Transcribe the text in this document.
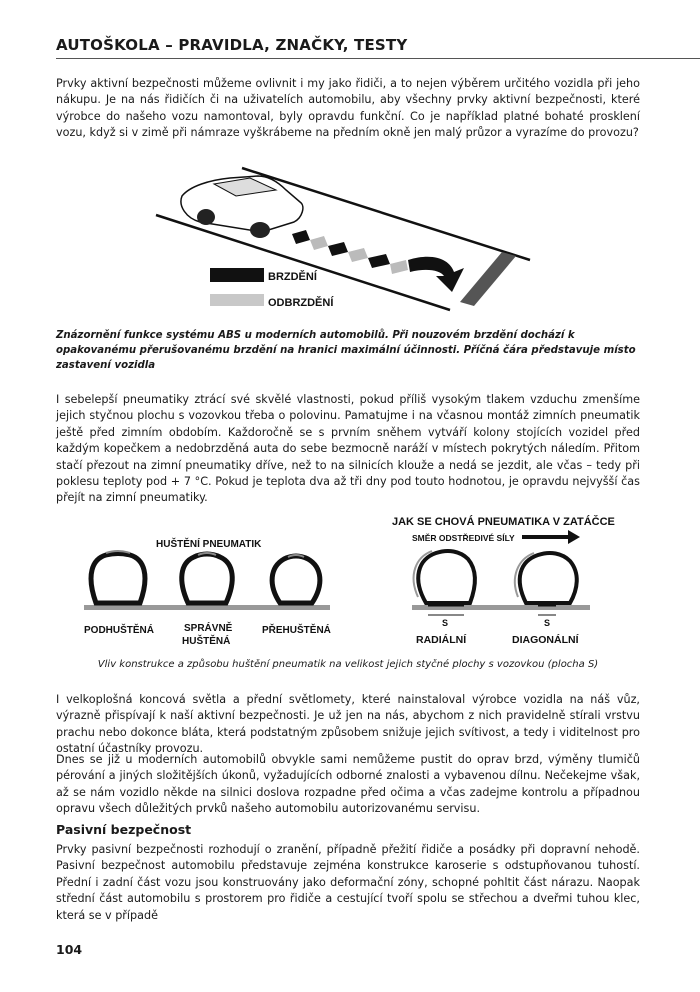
AUTOŠKOLA – PRAVIDLA, ZNAČKY, TESTY

Prvky aktivní bezpečnosti můžeme ovlivnit i my jako řidiči, a to nejen výběrem určitého vozidla při jeho nákupu. Je na nás řidičích či na uživatelích automobilu, aby všechny prvky aktivní bezpečnosti, které výrobce do našeho vozu namontoval, byly opravdu funkční. Co je například platné bohaté prosklení vozu, když si v zimě při námraze vyškrábeme na předním okně jen malý průzor a vyrazíme do provozu?

BRZDĚNÍ
ODBRZDĚNÍ

Znázornění funkce systému ABS u moderních automobilů. Při nouzovém brzdění dochází k opakovanému přerušovanému brzdění na hranici maximální účinnosti. Příčná čára představuje místo zastavení vozidla

I sebelepší pneumatiky ztrácí své skvělé vlastnosti, pokud příliš vysokým tlakem vzduchu zmenšíme jejich styčnou plochu s vozovkou třeba o polovinu. Pamatujme i na včasnou montáž zimních pneumatik ještě před zimním obdobím. Každoročně se s prvním sněhem vytváří kolony stojících vozidel před každým kopečkem a nedobrzděná auta do sebe bezmocně naráží v místech pokrytých náledím. Přitom stačí přezout na zimní pneumatiky dříve, než to na silnicích klouže a nedá se jezdit, ale včas – tedy při poklesu teploty pod + 7 °C. Pokud je teplota dva až tři dny pod touto hodnotou, je opravdu nejvyšší čas přejít na zimní pneumatiky.

HUŠTĚNÍ PNEUMATIK
JAK SE CHOVÁ PNEUMATIKA V ZATÁČCE
SMĚR ODSTŘEDIVÉ SÍLY
PODHUŠTĚNÁ	SPRÁVNĚ
HUŠTĚNÁ
PŘEHUŠTĚNÁ
S	S
RADIÁLNÍ	DIAGONÁLNÍ

Vliv konstrukce a způsobu huštění pneumatik na velikost jejich styčné plochy s vozovkou (plocha S)

I velkoplošná koncová světla a přední světlomety, které nainstaloval výrobce vozidla na náš vůz, výrazně přispívají k naší aktivní bezpečnosti. Je už jen na nás, abychom z nich pravidelně stírali vrstvu prachu nebo dokonce bláta, která podstatným způsobem snižuje jejich svítivost, a tedy i viditelnost pro ostatní účastníky provozu.

Dnes se již u moderních automobilů obvykle sami nemůžeme pustit do oprav brzd, výměny tlumičů pérování a jiných složitějších úkonů, vyžadujících odborné znalosti a vybavenou dílnu. Nečekejme však, až se nám vozidlo někde na silnici doslova rozpadne před očima a včas zadejme kontrolu a případnou opravu všech důležitých prvků našeho automobilu autorizovanému servisu.

Pasivní bezpečnost

Prvky pasivní bezpečnosti rozhodují o zranění, případně přežití řidiče a posádky při dopravní nehodě. Pasivní bezpečnost automobilu představuje zejména konstrukce karoserie s odstupňovanou tuhostí. Přední i zadní část vozu jsou konstruovány jako deformační zóny, schopné pohltit část nárazu. Naopak střední část automobilu s prostorem pro řidiče a cestující tvoří spolu se střechou a dveřmi tuhou klec, která se v případě

104
